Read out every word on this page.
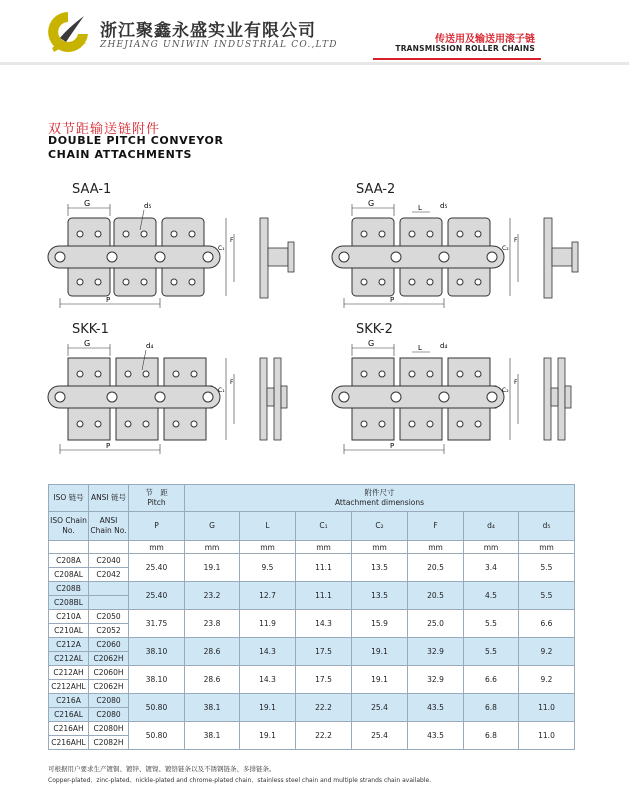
浙江聚鑫永盛实业有限公司
ZHEJIANG UNIWIN INDUSTRIAL CO.,LTD	传送用及输送用滚子链
TRANSMISSION ROLLER CHAINS
双节距输送链附件
DOUBLE PITCH CONVEYOR
CHAIN ATTACHMENTS
SAA-1
G	d₅
P
C₁
F
SAA-2
G	L	d₅
P
C₂
F
SKK-1
G	d₄
P
C₁
F
SKK-2
G	L	d₄
P
C₂
F
ISO 链号	ANSI 链号	节　距
Pitch	附件尺寸
Attachment dimensions						
ISO Chain No.	ANSI Chain No.	P	G	L	C₁	C₂	F	d₄	d₅
		mm	mm	mm	mm	mm	mm	mm	mm
C208A	C2040	25.40	19.1	9.5	11.1	13.5	20.5	3.4	5.5
C208AL	C2042								
C208B		25.40	23.2	12.7	11.1	13.5	20.5	4.5	5.5
C208BL									
C210A	C2050	31.75	23.8	11.9	14.3	15.9	25.0	5.5	6.6
C210AL	C2052								
C212A	C2060	38.10	28.6	14.3	17.5	19.1	32.9	5.5	9.2
C212AL	C2062H								
C212AH	C2060H	38.10	28.6	14.3	17.5	19.1	32.9	6.6	9.2
C212AHL	C2062H								
C216A	C2080	50.80	38.1	19.1	22.2	25.4	43.5	6.8	11.0
C216AL	C2080								
C216AH	C2080H	50.80	38.1	19.1	22.2	25.4	43.5	6.8	11.0
C216AHL	C2082H								
可根据用户要求生产镀铜、镀锌、镀镍、镀铬链条以及不锈钢链条、多排链条。
Copper-plated、zinc-plated、nickle-plated and chrome-plated chain、stainless steel chain and multiple strands chain available.
